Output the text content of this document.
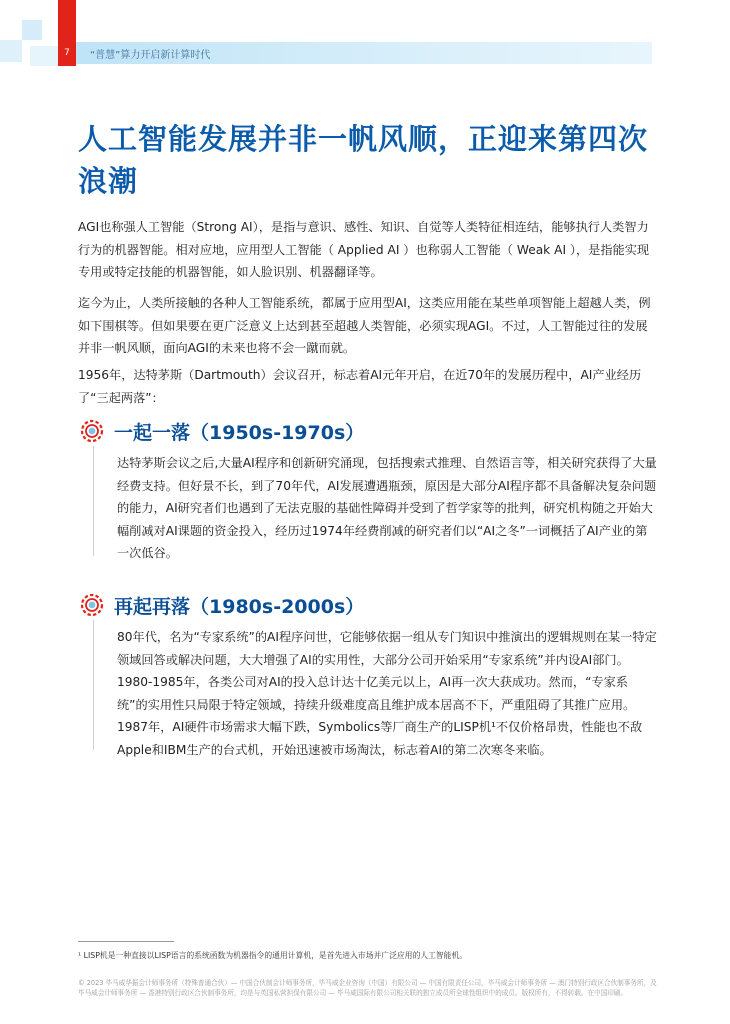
7 “普慧”算力开启新计算时代
人工智能发展并非一帆风顺，正迎来第四次浪潮

AGI也称强人工智能（Strong AI），是指与意识、感性、知识、自觉等人类特征相连结，能够执行人类智力行为的机器智能。相对应地，应用型人工智能（ Applied AI ）也称弱人工智能（ Weak AI ），是指能实现专用或特定技能的机器智能，如人脸识别、机器翻译等。

迄今为止，人类所接触的各种人工智能系统，都属于应用型AI，这类应用能在某些单项智能上超越人类，例如下围棋等。但如果要在更广泛意义上达到甚至超越人类智能，必须实现AGI。不过，人工智能过往的发展并非一帆风顺，面向AGI的未来也将不会一蹴而就。

1956年，达特茅斯（Dartmouth）会议召开，标志着AI元年开启，在近70年的发展历程中，AI产业经历了“三起两落”：

一起一落（1950s-1970s）

达特茅斯会议之后,大量AI程序和创新研究涌现，包括搜索式推理、自然语言等，相关研究获得了大量经费支持。但好景不长，到了70年代，AI发展遭遇瓶颈，原因是大部分AI程序都不具备解决复杂问题的能力，AI研究者们也遇到了无法克服的基础性障碍并受到了哲学家等的批判，研究机构随之开始大幅削减对AI课题的资金投入，经历过1974年经费削减的研究者们以“AI之冬”一词概括了AI产业的第一次低谷。

再起再落（1980s-2000s）

80年代，名为“专家系统”的AI程序问世，它能够依据一组从专门知识中推演出的逻辑规则在某一特定领域回答或解决问题，大大增强了AI的实用性，大部分公司开始采用“专家系统”并内设AI部门。1980-1985年，各类公司对AI的投入总计达十亿美元以上，AI再一次大获成功。然而，“专家系统”的实用性只局限于特定领域，持续升级难度高且维护成本居高不下，严重阻碍了其推广应用。1987年，AI硬件市场需求大幅下跌，Symbolics等厂商生产的LISP机¹不仅价格昂贵，性能也不敌Apple和IBM生产的台式机，开始迅速被市场淘汰，标志着AI的第二次寒冬来临。

¹ LISP机是一种直接以LISP语言的系统函数为机器指令的通用计算机，是首先进入市场并广泛应用的人工智能机。
© 2023 毕马威华振会计师事务所（特殊普通合伙）— 中国合伙制会计师事务所，毕马威企业咨询（中国）有限公司 — 中国有限责任公司，毕马威会计师事务所 — 澳门特别行政区合伙制事务所，及毕马威会计师事务所 — 香港特别行政区合伙制事务所，均是与英国私营担保有限公司 — 毕马威国际有限公司相关联的独立成员所全球性组织中的成员。版权所有，不得转载。在中国印刷。
